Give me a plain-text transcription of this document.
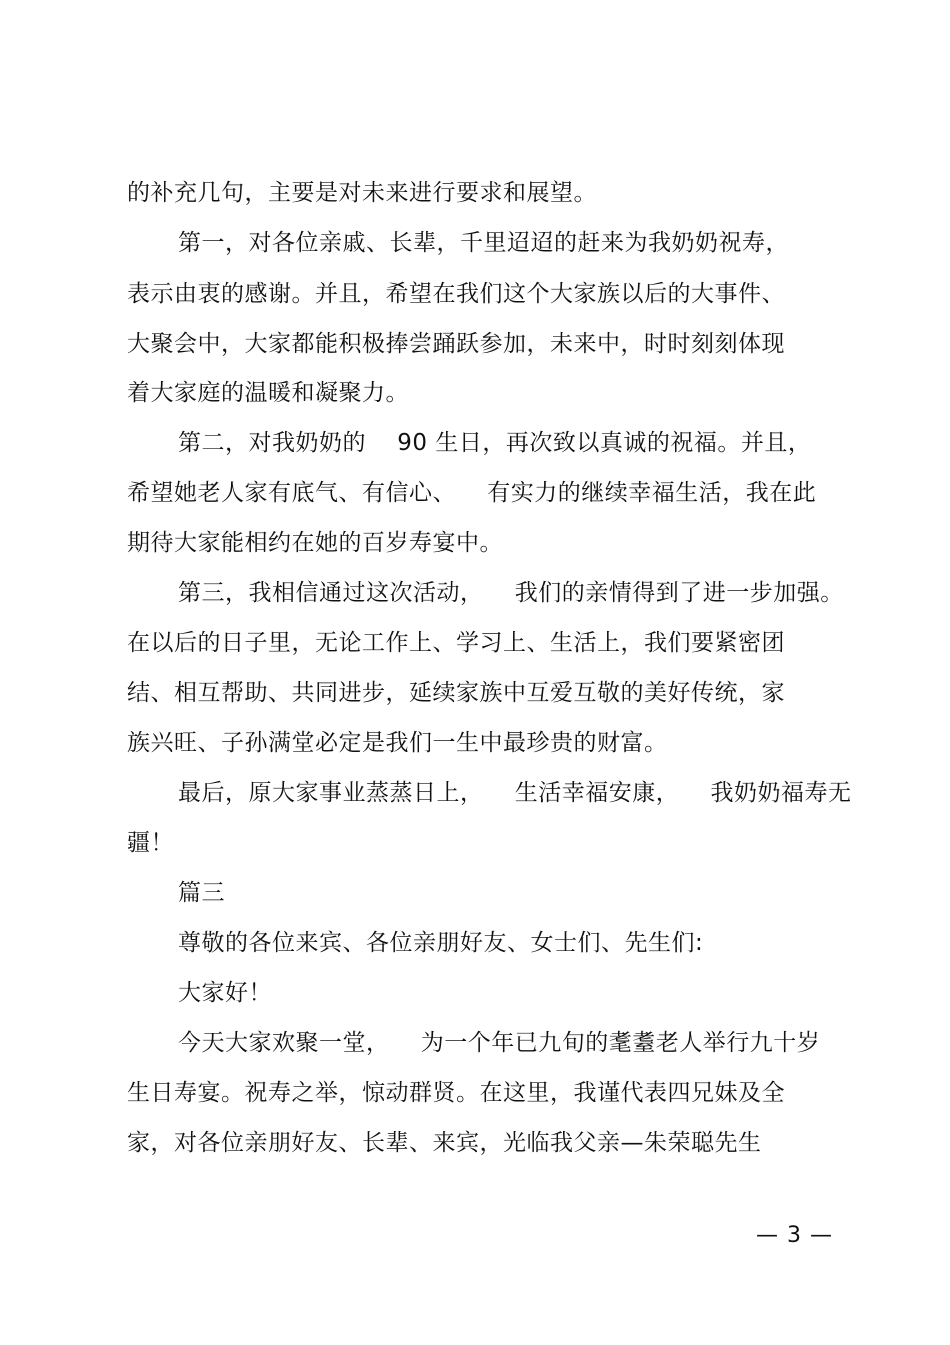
的补充几句，主要是对未来进行要求和展望。
第一，对各位亲戚、长辈，千里迢迢的赶来为我奶奶祝寿，
表示由衷的感谢。并且，希望在我们这个大家族以后的大事件、
大聚会中，大家都能积极捧尝踊跃参加，未来中，时时刻刻体现
着大家庭的温暖和凝聚力。
第二，对我奶奶的    90 生日，再次致以真诚的祝福。并且，
希望她老人家有底气、有信心、    有实力的继续幸福生活，我在此
期待大家能相约在她的百岁寿宴中。
第三，我相信通过这次活动，    我们的亲情得到了进一步加强。
在以后的日子里，无论工作上、学习上、生活上，我们要紧密团
结、相互帮助、共同进步，延续家族中互爱互敬的美好传统，家
族兴旺、子孙满堂必定是我们一生中最珍贵的财富。
最后，原大家事业蒸蒸日上，    生活幸福安康，    我奶奶福寿无
疆！
篇三
尊敬的各位来宾、各位亲朋好友、女士们、先生们:
大家好！
今天大家欢聚一堂，    为一个年已九旬的耄耋老人举行九十岁
生日寿宴。祝寿之举，惊动群贤。在这里，我谨代表四兄妹及全
家，对各位亲朋好友、长辈、来宾，光临我父亲—朱荣聪先生
— 3 —
